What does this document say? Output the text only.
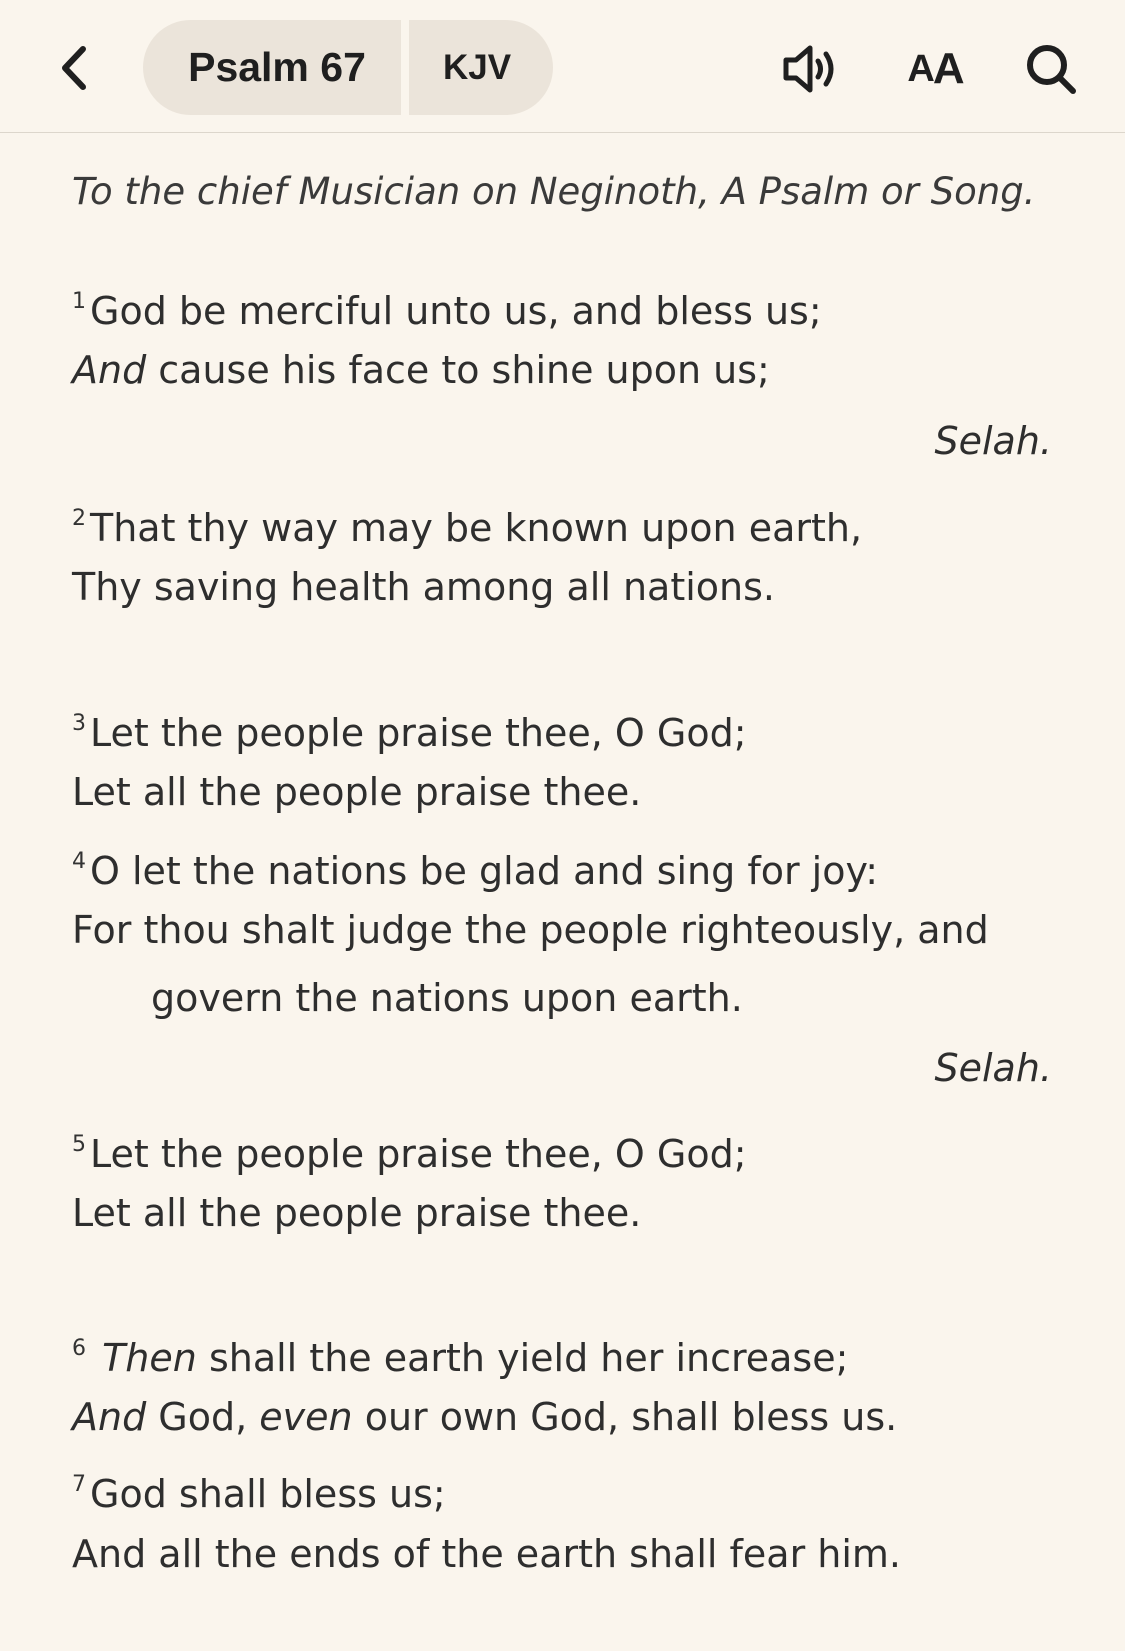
Psalm 67	KJV	A A
To the chief Musician on Neginoth, A Psalm or Song.
$^1$ God be merciful unto us, and bless us;
And cause his face to shine upon us;
Selah.
$^2$ That thy way may be known upon earth,
Thy saving health among all nations.
$^3$ Let the people praise thee, O God;
Let all the people praise thee.
$^4$ O let the nations be glad and sing for joy:
For thou shalt judge the people righteously, and
govern the nations upon earth.
Selah.
$^5$ Let the people praise thee, O God;
Let all the people praise thee.
$^6$ Then shall the earth yield her increase;
And God, even our own God, shall bless us.
$^7$ God shall bless us;
And all the ends of the earth shall fear him.
